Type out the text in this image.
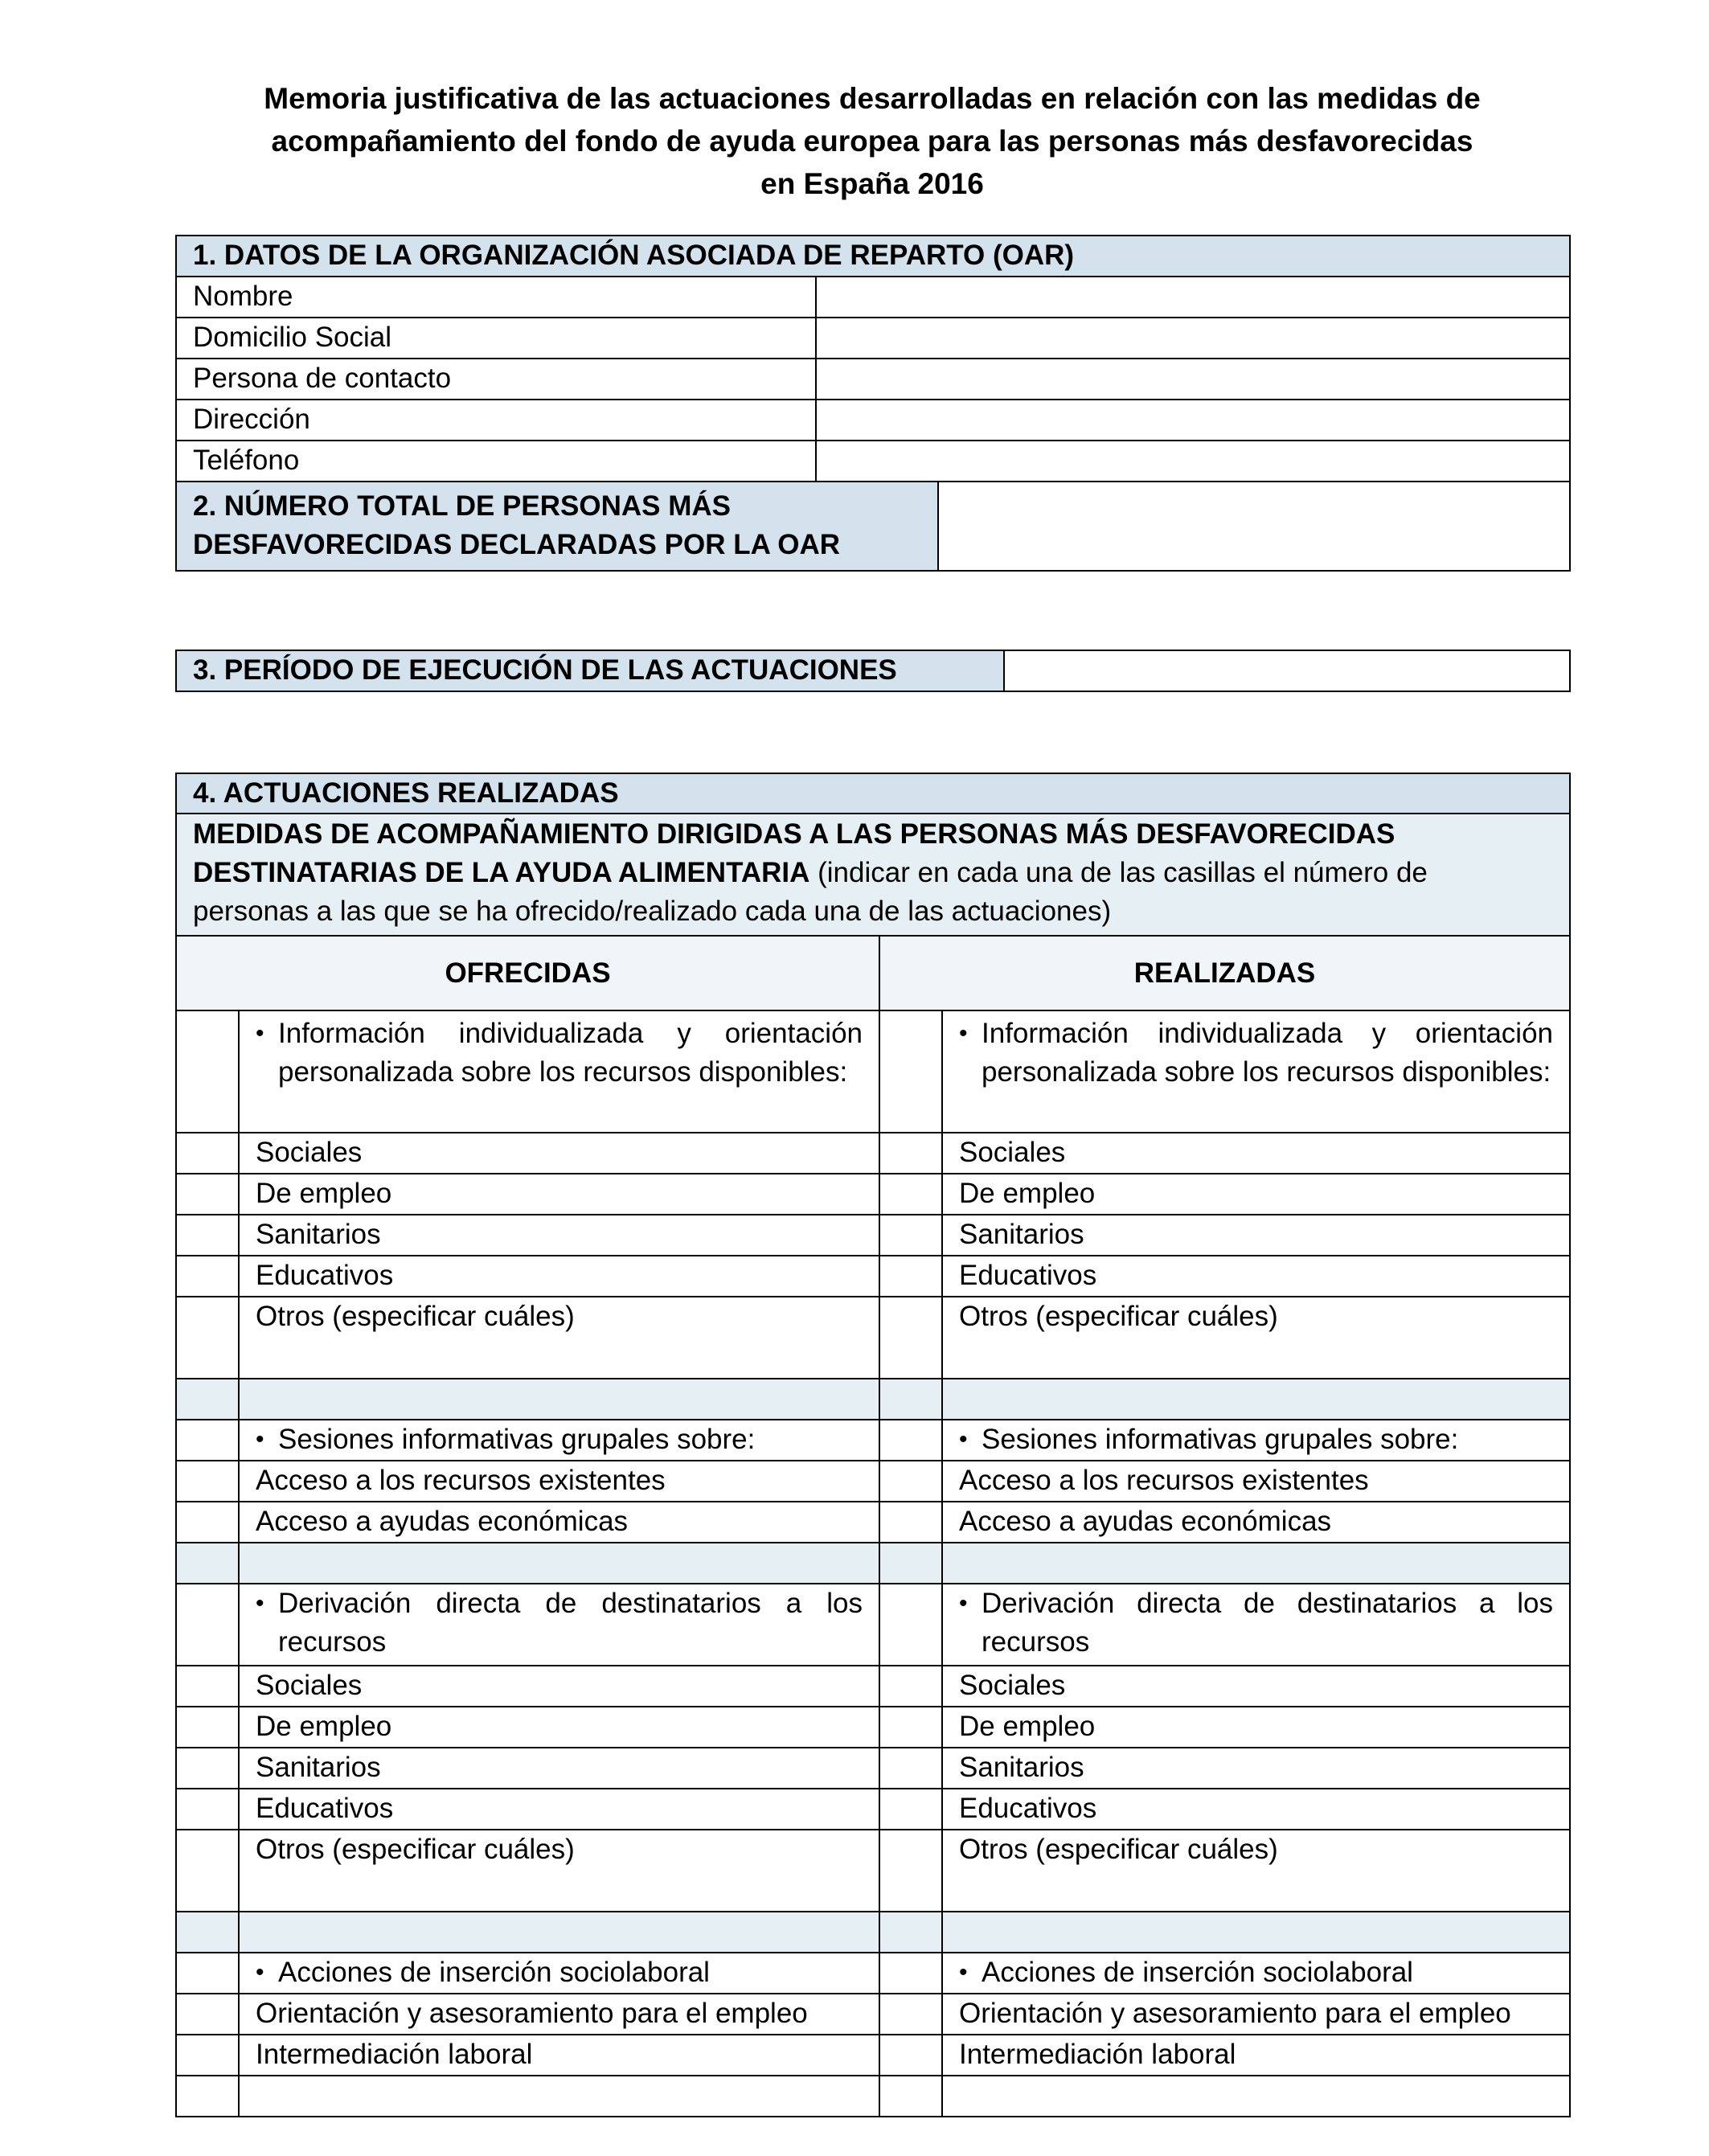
Memoria justificativa de las actuaciones desarrolladas en relación con las medidas de
acompañamiento del fondo de ayuda europea para las personas más desfavorecidas
en España 2016
1. DATOS DE LA ORGANIZACIÓN ASOCIADA DE REPARTO (OAR)		
Nombre		
Domicilio Social		
Persona de contacto		
Dirección		
Teléfono		

2. NÚMERO TOTAL DE PERSONAS MÁS
DESFAVORECIDAS DECLARADAS POR LA OAR		

3. PERÍODO DE EJECUCIÓN DE LAS ACTUACIONES	
4. ACTUACIONES REALIZADAS			

MEDIDAS DE ACOMPAÑAMIENTO DIRIGIDAS A LAS PERSONAS MÁS DESFAVORECIDAS
DESTINATARIAS DE LA AYUDA ALIMENTARIA (indicar en cada una de las casillas el número de
personas a las que se ha ofrecido/realizado cada una de las actuaciones)			

OFRECIDAS		REALIZADAS	

	• Información individualizada y orientación personalizada sobre los recursos disponibles:		• Información individualizada y orientación personalizada sobre los recursos disponibles:

	Sociales		Sociales
	De empleo		De empleo
	Sanitarios		Sanitarios
	Educativos		Educativos
	Otros (especificar cuáles)		Otros (especificar cuáles)

	• Sesiones informativas grupales sobre:		• Sesiones informativas grupales sobre:

	Acceso a los recursos existentes		Acceso a los recursos existentes
	Acceso a ayudas económicas		Acceso a ayudas económicas

	• Derivación directa de destinatarios a los recursos		• Derivación directa de destinatarios a los recursos

	Sociales		Sociales
	De empleo		De empleo
	Sanitarios		Sanitarios
	Educativos		Educativos
	Otros (especificar cuáles)		Otros (especificar cuáles)

	• Acciones de inserción sociolaboral		• Acciones de inserción sociolaboral

	Orientación y asesoramiento para el empleo		Orientación y asesoramiento para el empleo
	Intermediación laboral		Intermediación laboral
